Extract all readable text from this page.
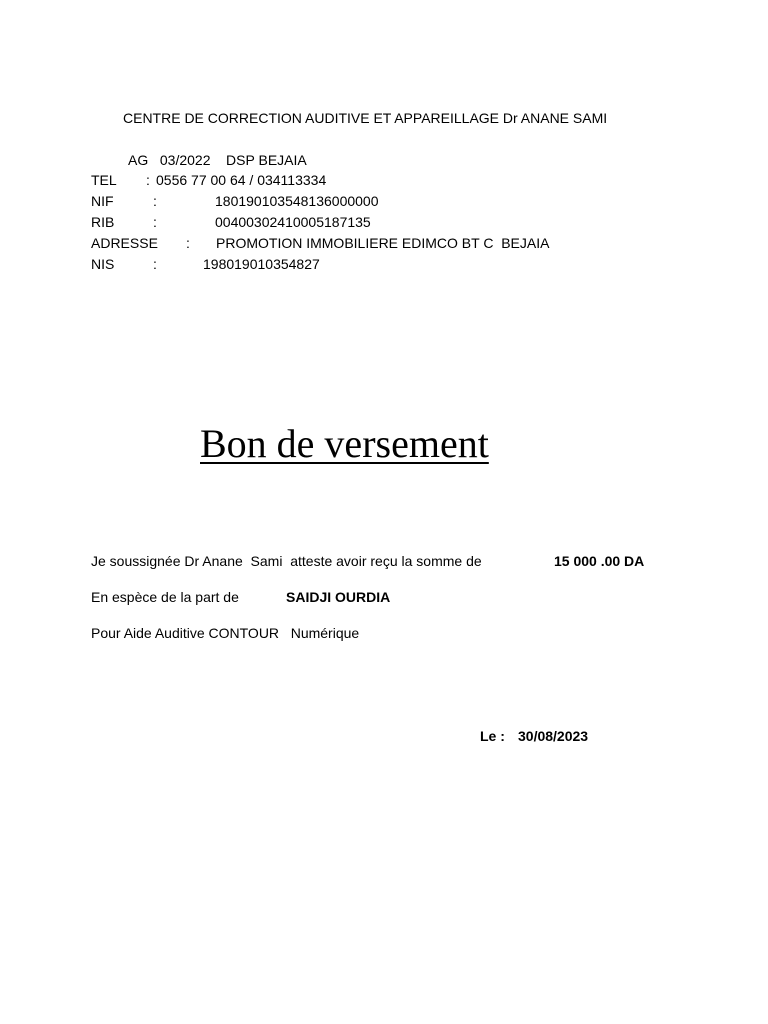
CENTRE DE CORRECTION AUDITIVE ET APPAREILLAGE Dr ANANE SAMI
AG   03/2022    DSP BEJAIA
TEL : 0556 77 00 64 / 034113334
NIF	:	180190103548136000000
RIB	:	00400302410005187135
ADRESSE : PROMOTION IMMOBILIERE EDIMCO BT C  BEJAIA
NIS	:	198019010354827
Bon de versement
Je soussignée Dr Anane  Sami  atteste avoir reçu la somme de	15 000 .00 DA
En espèce de la part de	SAIDJI OURDIA
Pour Aide Auditive CONTOUR   Numérique
Le : 30/08/2023
